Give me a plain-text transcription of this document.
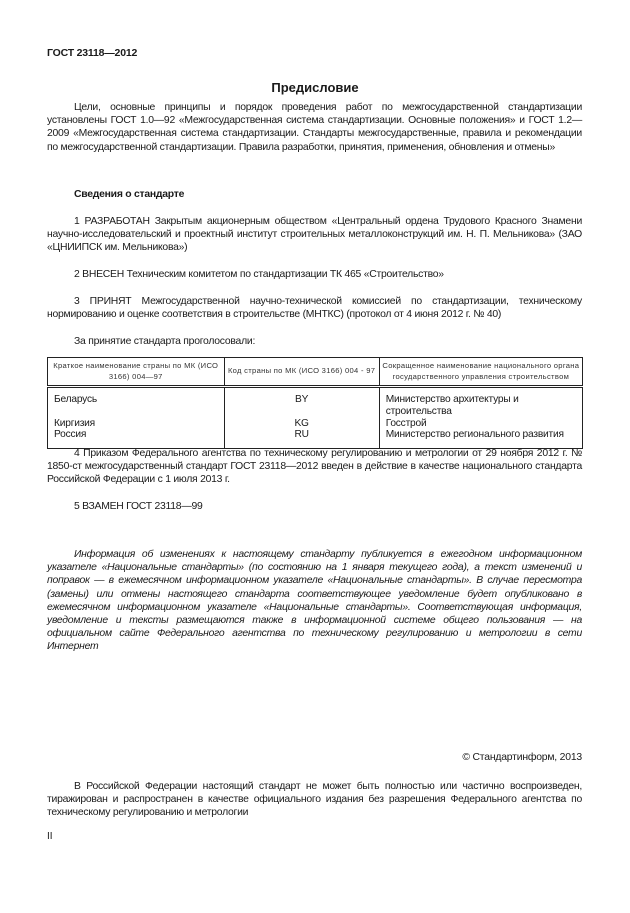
ГОСТ 23118—2012
Предисловие
Цели, основные принципы и порядок проведения работ по межгосударственной стандартизации установлены ГОСТ 1.0—92 «Межгосударственная система стандартизации. Основные положения» и ГОСТ 1.2—2009 «Межгосударственная система стандартизации. Стандарты межгосударственные, правила и рекомендации по межгосударственной стандартизации. Правила разработки, принятия, применения, обновления и отмены»
Сведения о стандарте
1 РАЗРАБОТАН Закрытым акционерным обществом «Центральный ордена Трудового Красного Знамени научно-исследовательский и проектный институт строительных металлоконструкций им. Н. П. Мельникова» (ЗАО «ЦНИИПСК им. Мельникова»)
2 ВНЕСЕН Техническим комитетом по стандартизации ТК 465 «Строительство»
3 ПРИНЯТ Межгосударственной научно-технической комиссией по стандартизации, техническому нормированию и оценке соответствия в строительстве (МНТКС) (протокол от 4 июня 2012 г. № 40)
За принятие стандарта проголосовали:
Краткое наименование страны по МК (ИСО 3166) 004—97	Код страны по МК (ИСО 3166) 004 - 97	Сокращенное наименование национального органа государственного управления строительством
Беларусь	BY	Министерство архитектуры и строительства
Киргизия	KG	Госстрой
Россия	RU	Министерство регионального развития
4 Приказом Федерального агентства по техническому регулированию и метрологии от 29 ноября 2012 г. № 1850-ст межгосударственный стандарт ГОСТ 23118—2012 введен в действие в качестве национального стандарта Российской Федерации с 1 июля 2013 г.
5 ВЗАМЕН ГОСТ 23118—99
Информация об изменениях к настоящему стандарту публикуется в ежегодном информационном указателе «Национальные стандарты» (по состоянию на 1 января текущего года), а текст изменений и поправок — в ежемесячном информационном указателе «Национальные стандарты». В случае пересмотра (замены) или отмены настоящего стандарта соответствующее уведомление будет опубликовано в ежемесячном информационном указателе «Национальные стандарты». Соответствующая информация, уведомление и тексты размещаются также в информационной системе общего пользования — на официальном сайте Федерального агентства по техническому регулированию и метрологии в сети Интернет
© Стандартинформ, 2013
В Российской Федерации настоящий стандарт не может быть полностью или частично воспроизведен, тиражирован и распространен в качестве официального издания без разрешения Федерального агентства по техническому регулированию и метрологии
II
